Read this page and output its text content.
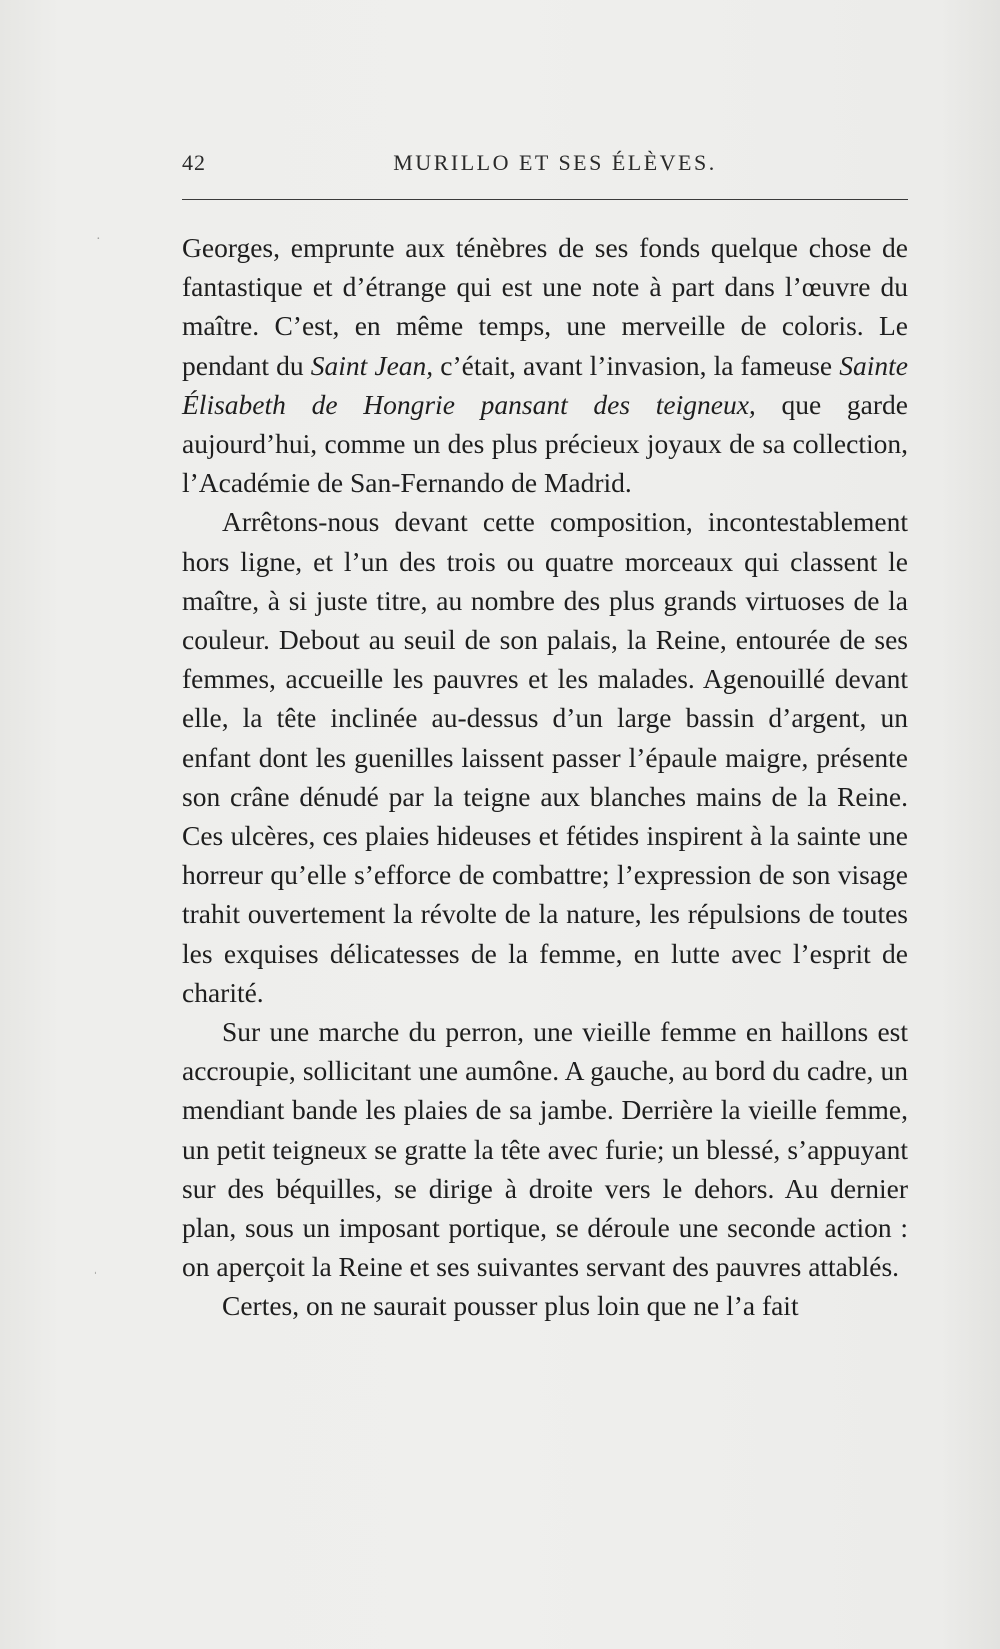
42	MURILLO ET SES ÉLÈVES.

Georges, emprunte aux ténèbres de ses fonds quelque chose de fantastique et d’étrange qui est une note à part dans l’œuvre du maître. C’est, en même temps, une merveille de coloris. Le pendant du Saint Jean, c’était, avant l’invasion, la fameuse Sainte Élisabeth de Hongrie pansant des teigneux, que garde aujourd’hui, comme un des plus précieux joyaux de sa collection, l’Académie de San-Fernando de Madrid.

Arrêtons-nous devant cette composition, incontestablement hors ligne, et l’un des trois ou quatre morceaux qui classent le maître, à si juste titre, au nombre des plus grands virtuoses de la couleur. Debout au seuil de son palais, la Reine, entourée de ses femmes, accueille les pauvres et les malades. Agenouillé devant elle, la tête inclinée au-dessus d’un large bassin d’argent, un enfant dont les guenilles laissent passer l’épaule maigre, présente son crâne dénudé par la teigne aux blanches mains de la Reine. Ces ulcères, ces plaies hideuses et fétides inspirent à la sainte une horreur qu’elle s’efforce de combattre; l’expression de son visage trahit ouvertement la révolte de la nature, les répulsions de toutes les exquises délicatesses de la femme, en lutte avec l’esprit de charité.

Sur une marche du perron, une vieille femme en haillons est accroupie, sollicitant une aumône. A gauche, au bord du cadre, un mendiant bande les plaies de sa jambe. Derrière la vieille femme, un petit teigneux se gratte la tête avec furie; un blessé, s’appuyant sur des béquilles, se dirige à droite vers le dehors. Au dernier plan, sous un imposant portique, se déroule une seconde action : on aperçoit la Reine et ses suivantes servant des pauvres attablés.

Certes, on ne saurait pousser plus loin que ne l’a fait

·
ˌ
